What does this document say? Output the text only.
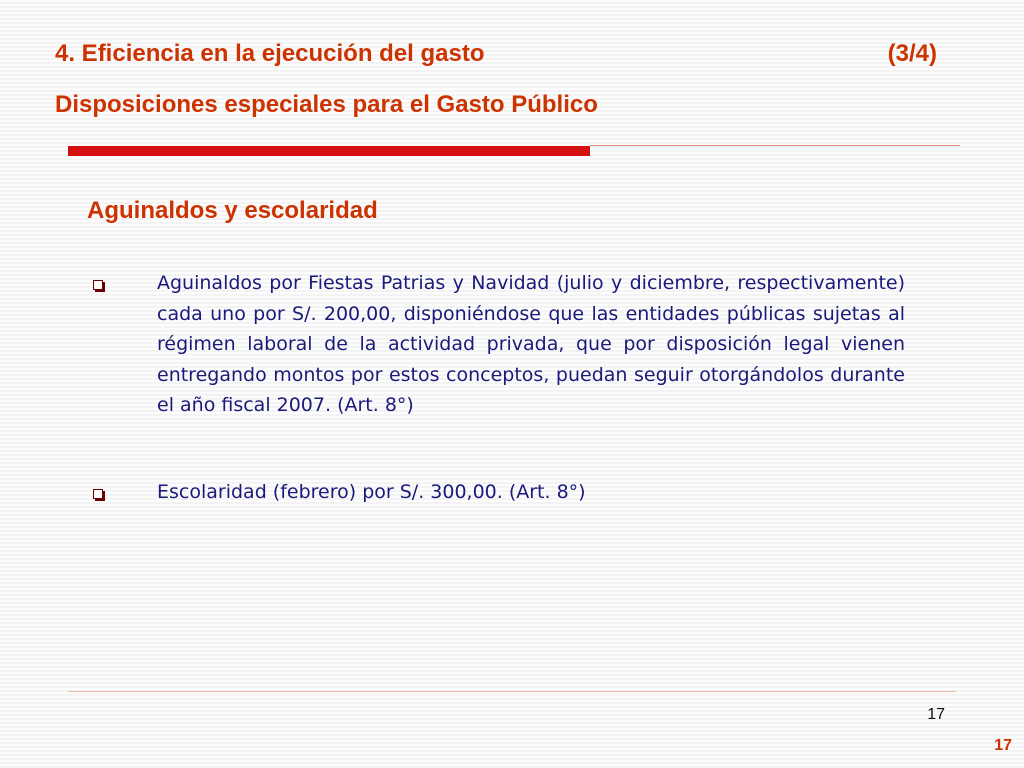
4. Eficiencia en la ejecución del gasto	(3/4)
Disposiciones especiales para el Gasto Público
Aguinaldos y escolaridad
Aguinaldos por Fiestas Patrias y Navidad (julio y diciembre, respectivamente) cada uno por S/. 200,00, disponiéndose que las entidades públicas sujetas al régimen laboral de la actividad privada, que por disposición legal vienen entregando montos por estos conceptos, puedan seguir otorgándolos durante el año fiscal 2007. (Art. 8°)
Escolaridad (febrero) por S/. 300,00. (Art. 8°)
17
17
